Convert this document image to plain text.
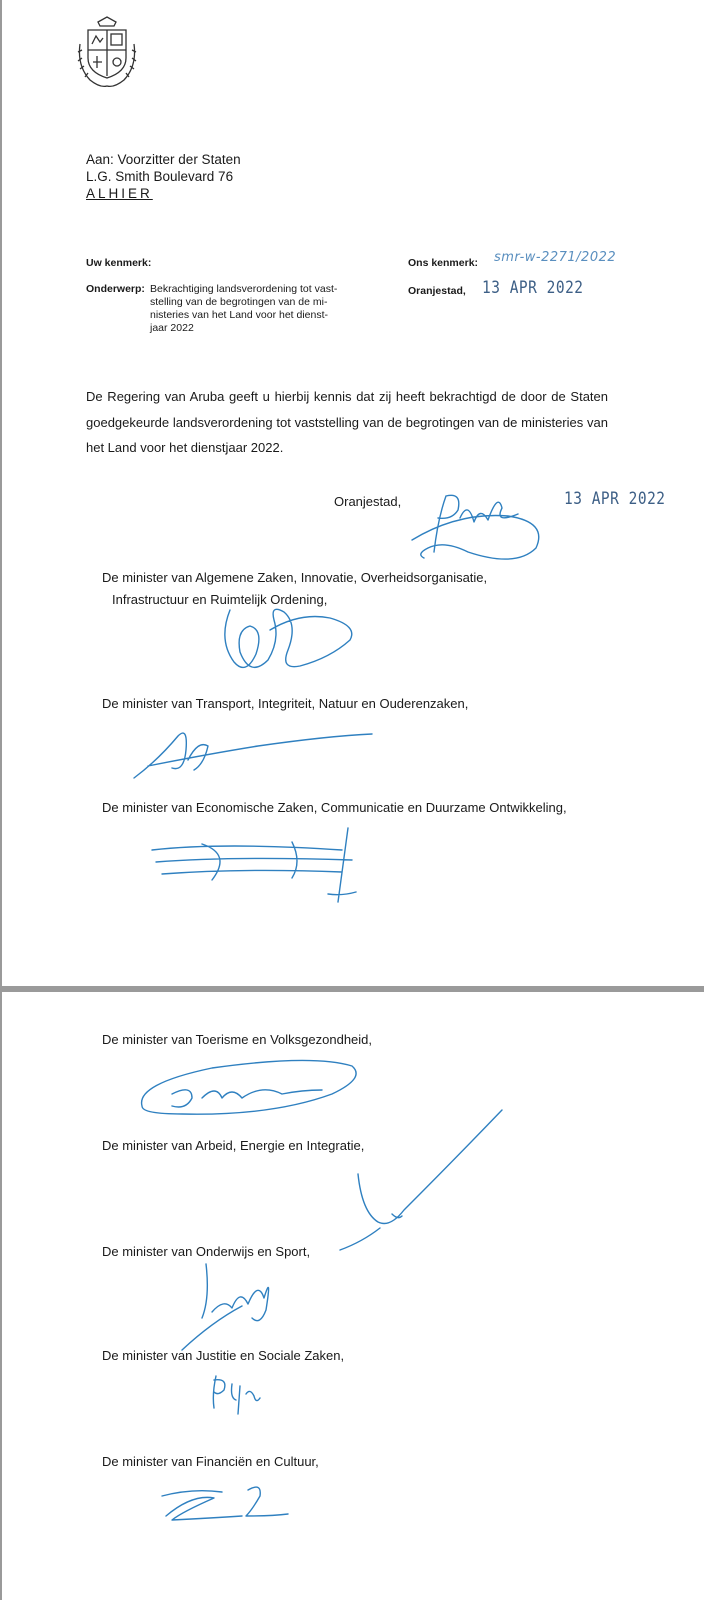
Aan: Voorzitter der Staten
L.G. Smith Boulevard 76
ALHIER
Uw kenmerk:
Onderwerp: Bekrachtiging landsverordening tot vast-
stelling van de begrotingen van de mi-
nisteries van het Land voor het dienst-
jaar 2022
Ons kenmerk: smr-w-2271/2022
Oranjestad, 13 APR 2022
De Regering van Aruba geeft u hierbij kennis dat zij heeft bekrachtigd de door de Staten goedgekeurde landsverordening tot vaststelling van de begrotingen van de ministeries van het Land voor het dienstjaar 2022.
Oranjestad,	13 APR 2022
De minister van Algemene Zaken, Innovatie, Overheidsorganisatie,
Infrastructuur en Ruimtelijk Ordening,
De minister van Transport, Integriteit, Natuur en Ouderenzaken,
De minister van Economische Zaken, Communicatie en Duurzame Ontwikkeling,
De minister van Toerisme en Volksgezondheid,
De minister van Arbeid, Energie en Integratie,
De minister van Onderwijs en Sport,
De minister van Justitie en Sociale Zaken,
De minister van Financiën en Cultuur,
